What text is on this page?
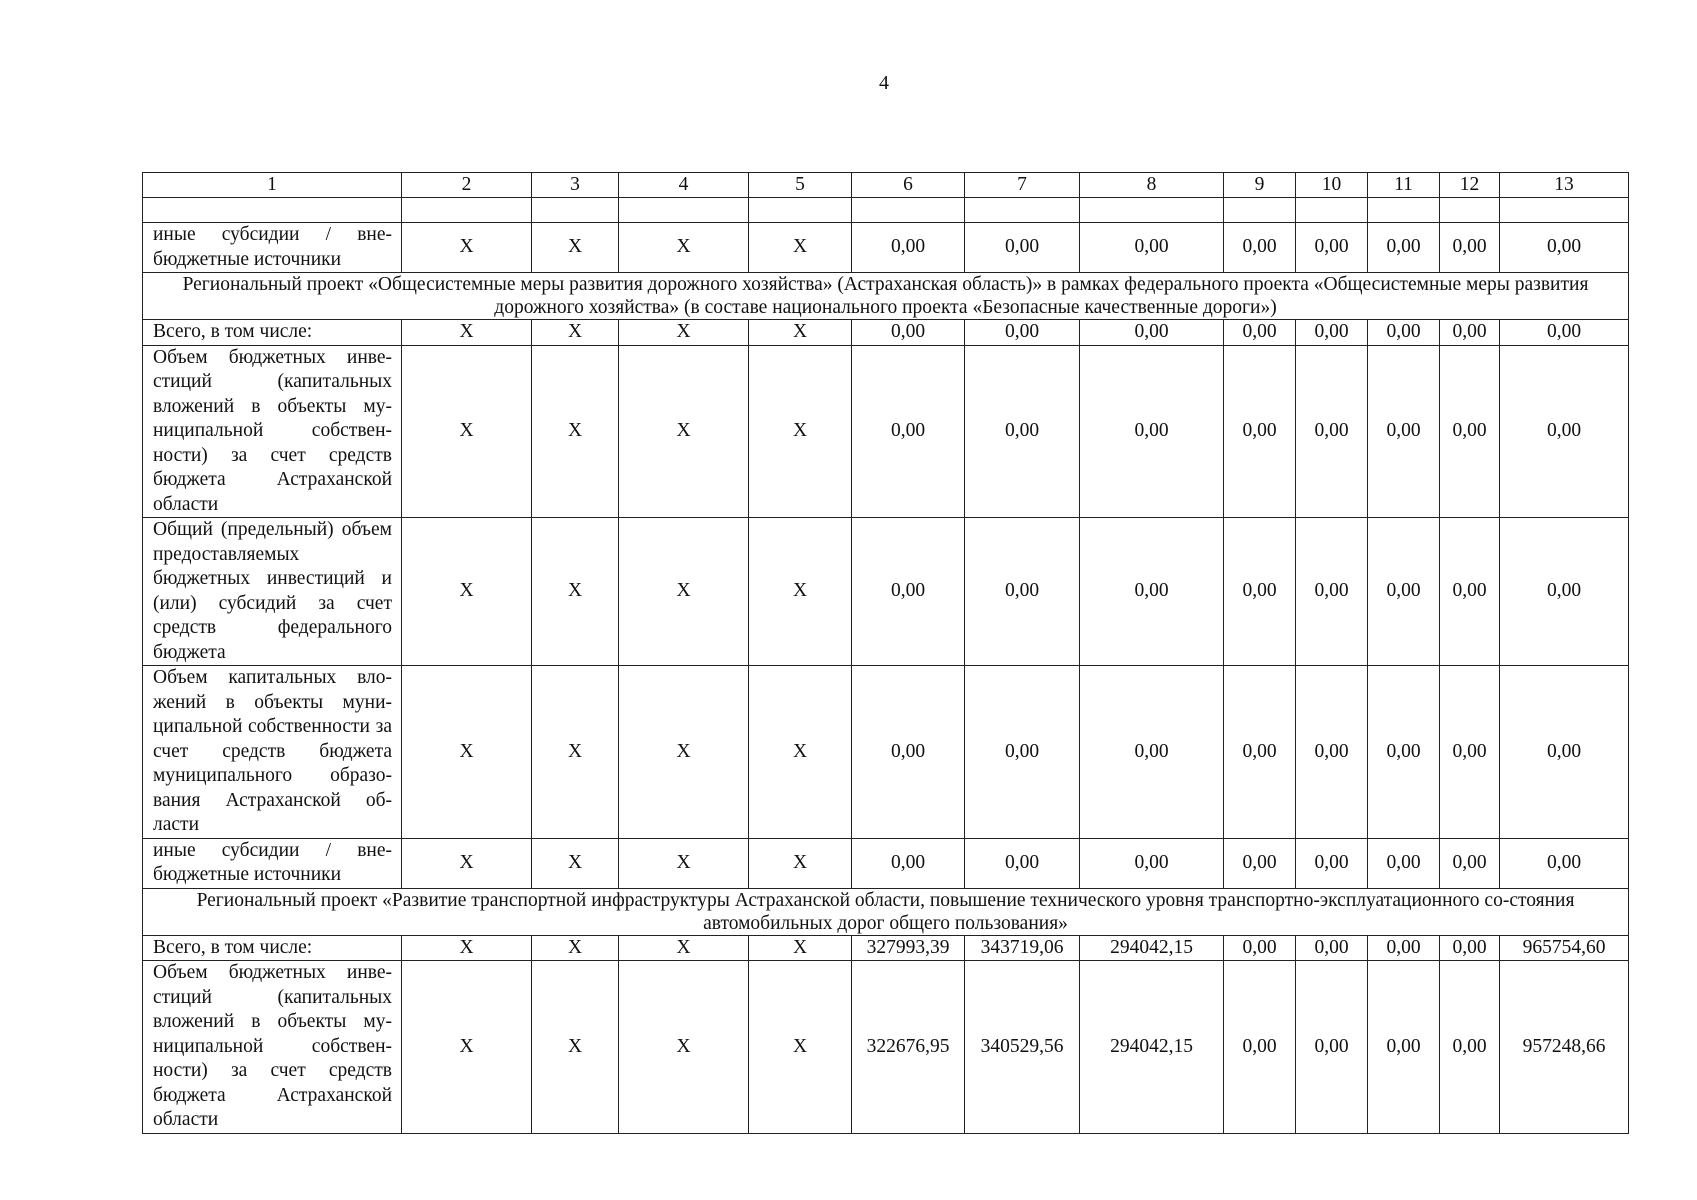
4
1	2	3	4	5	6	7	8	9	10	11	12	13

иные субсидии / вне-бюджетные источники	Х	Х	Х	Х	0,00	0,00	0,00	0,00	0,00	0,00	0,00	0,00
Региональный проект «Общесистемные меры развития дорожного хозяйства» (Астраханская область)» в рамках федерального проекта «Общесистемные меры развития дорожного хозяйства» (в составе национального проекта «Безопасные качественные дороги»)												
Всего, в том числе:	Х	Х	Х	Х	0,00	0,00	0,00	0,00	0,00	0,00	0,00	0,00
Объем бюджетных инве-стиций (капитальных вложений в объекты му-ниципальной собствен-ности) за счет средств бюджета Астраханской области	Х	Х	Х	Х	0,00	0,00	0,00	0,00	0,00	0,00	0,00	0,00
Общий (предельный) объем предоставляемых бюджетных инвестиций и (или) субсидий за счет средств федерального бюджета	Х	Х	Х	Х	0,00	0,00	0,00	0,00	0,00	0,00	0,00	0,00
Объем капитальных вло-жений в объекты муни-ципальной собственности за счет средств бюджета муниципального образо-вания Астраханской об-ласти	Х	Х	Х	Х	0,00	0,00	0,00	0,00	0,00	0,00	0,00	0,00
иные субсидии / вне-бюджетные источники	Х	Х	Х	Х	0,00	0,00	0,00	0,00	0,00	0,00	0,00	0,00
Региональный проект «Развитие транспортной инфраструктуры Астраханской области, повышение технического уровня транспортно-эксплуатационного со-стояния автомобильных дорог общего пользования»												
Всего, в том числе:	Х	Х	Х	Х	327993,39	343719,06	294042,15	0,00	0,00	0,00	0,00	965754,60
Объем бюджетных инве-стиций (капитальных вложений в объекты му-ниципальной собствен-ности) за счет средств бюджета Астраханской области	Х	Х	Х	Х	322676,95	340529,56	294042,15	0,00	0,00	0,00	0,00	957248,66
